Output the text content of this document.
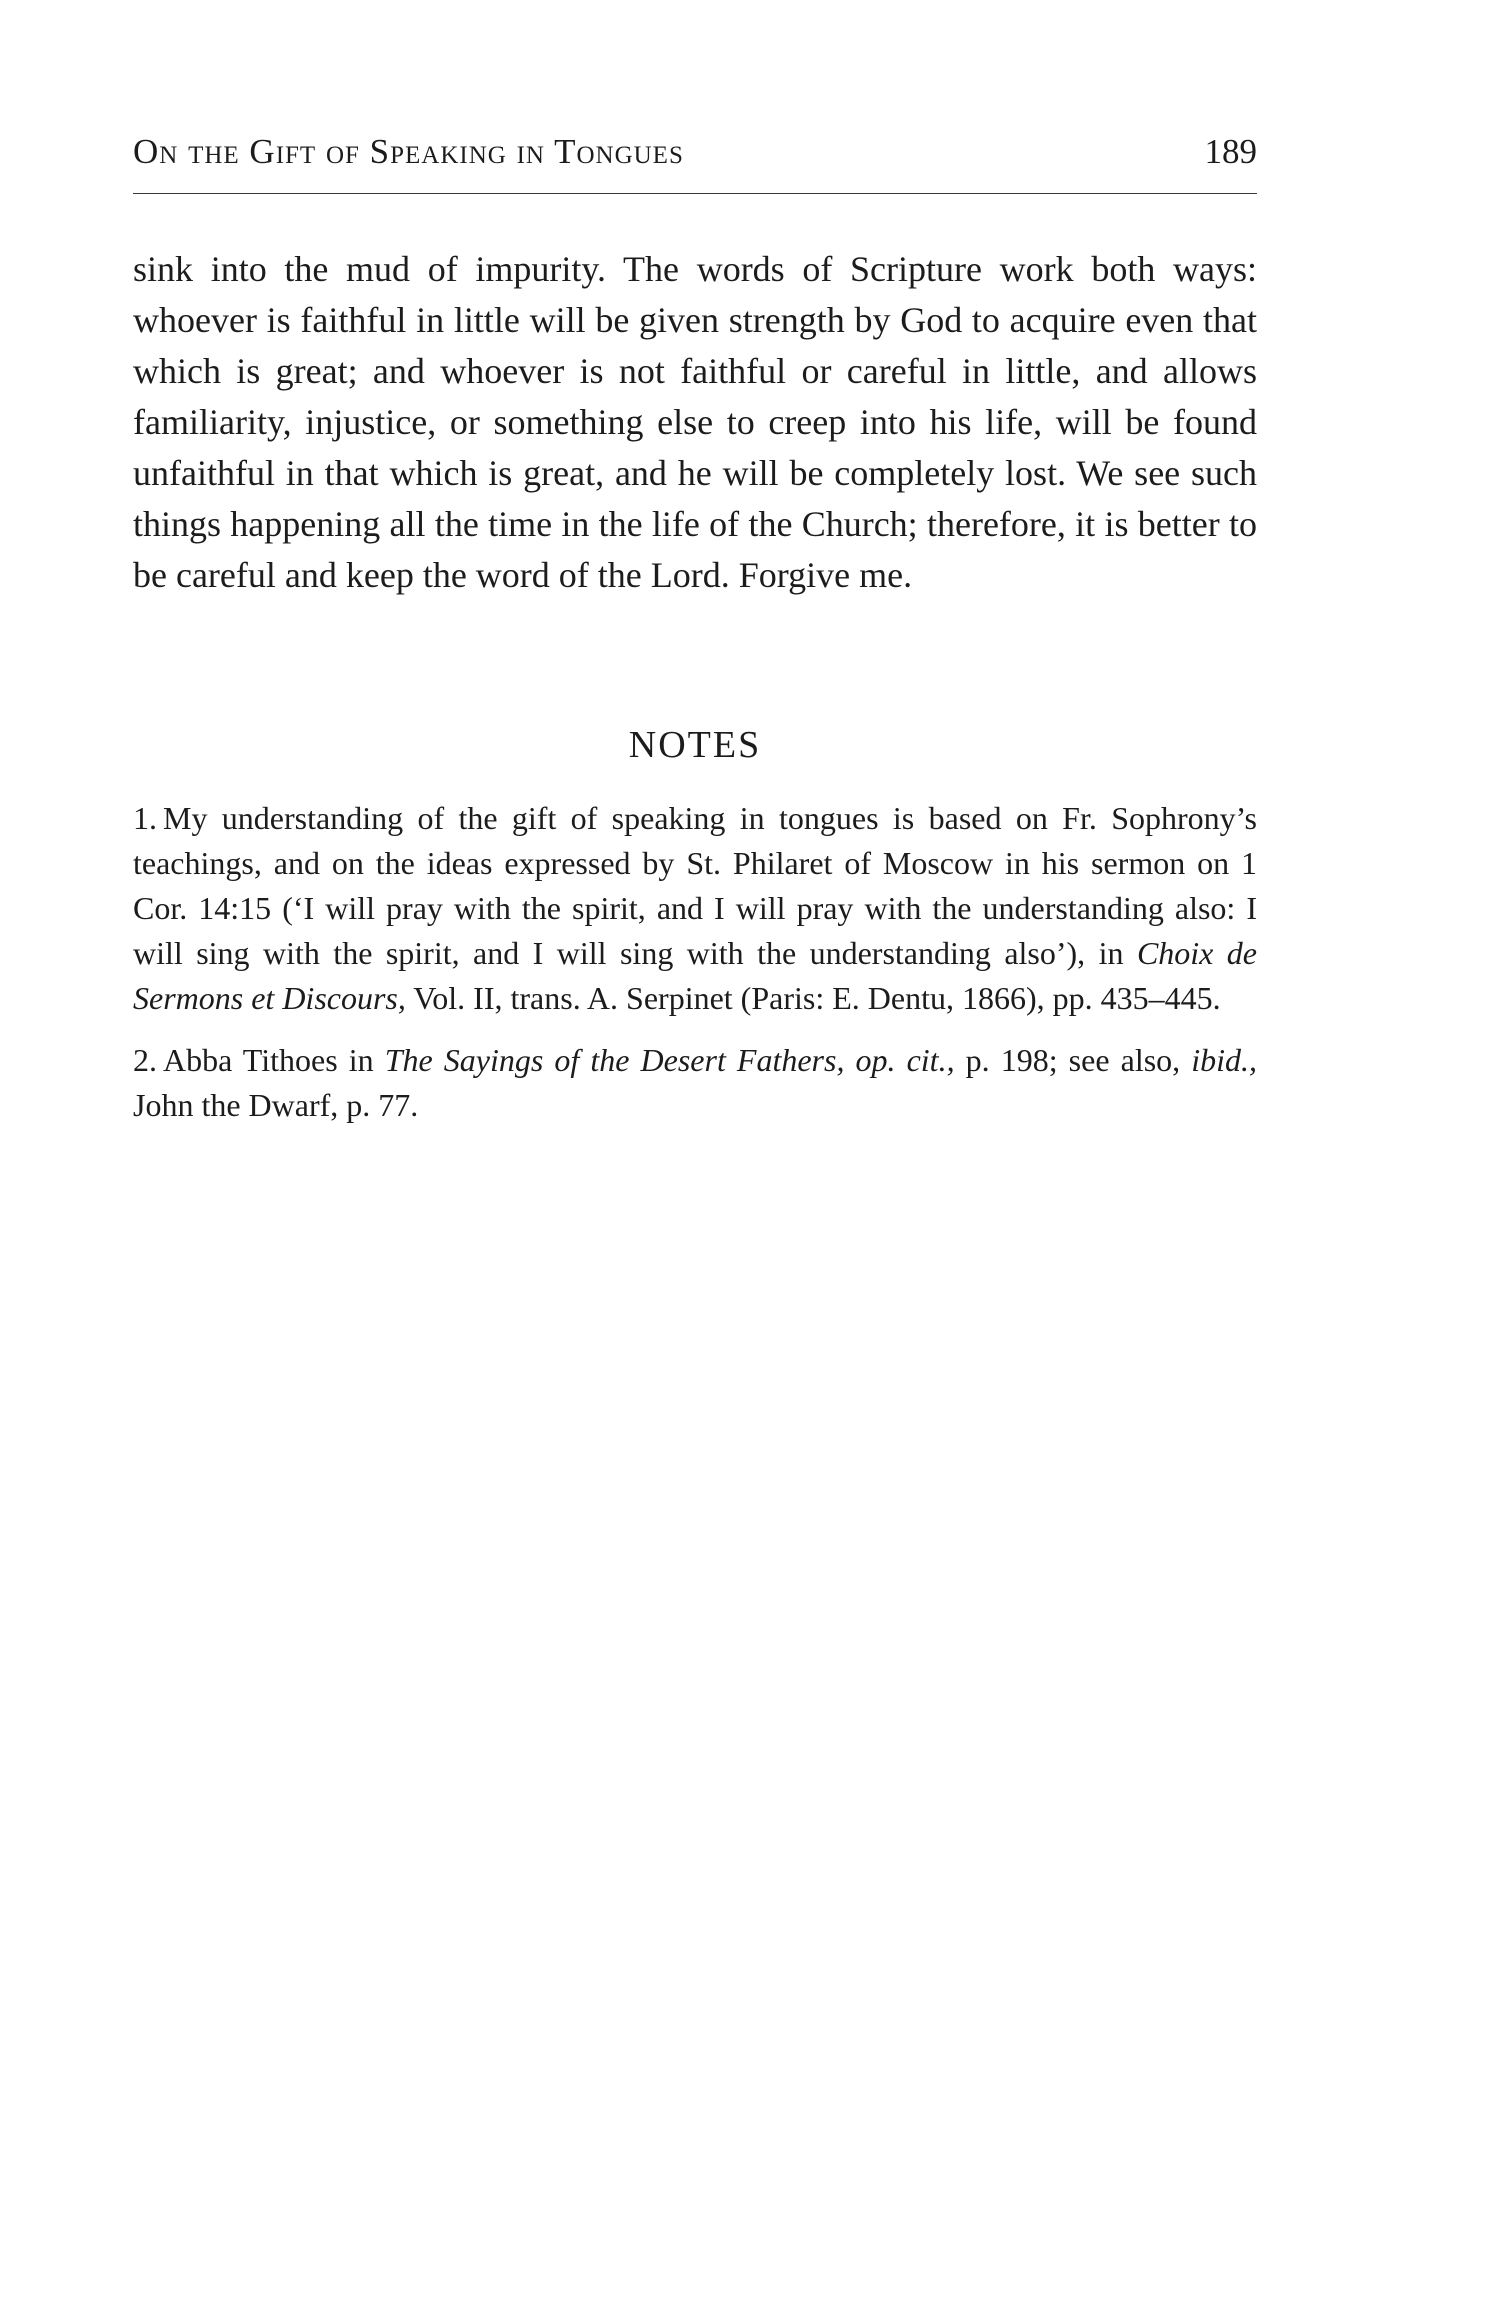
On the Gift of Speaking in Tongues	189

sink into the mud of impurity. The words of Scripture work both ways: whoever is faithful in little will be given strength by God to acquire even that which is great; and whoever is not faithful or careful in little, and allows familiarity, injustice, or something else to creep into his life, will be found unfaithful in that which is great, and he will be completely lost. We see such things happening all the time in the life of the Church; therefore, it is better to be careful and keep the word of the Lord. Forgive me.

NOTES

1. My understanding of the gift of speaking in tongues is based on Fr. Sophrony’s teachings, and on the ideas expressed by St. Philaret of Moscow in his sermon on 1 Cor. 14:15 (‘I will pray with the spirit, and I will pray with the understanding also: I will sing with the spirit, and I will sing with the understanding also’), in Choix de Sermons et Discours, Vol. II, trans. A. Serpinet (Paris: E. Dentu, 1866), pp. 435–445.

2. Abba Tithoes in The Sayings of the Desert Fathers, op. cit., p. 198; see also, ibid., John the Dwarf, p. 77.
